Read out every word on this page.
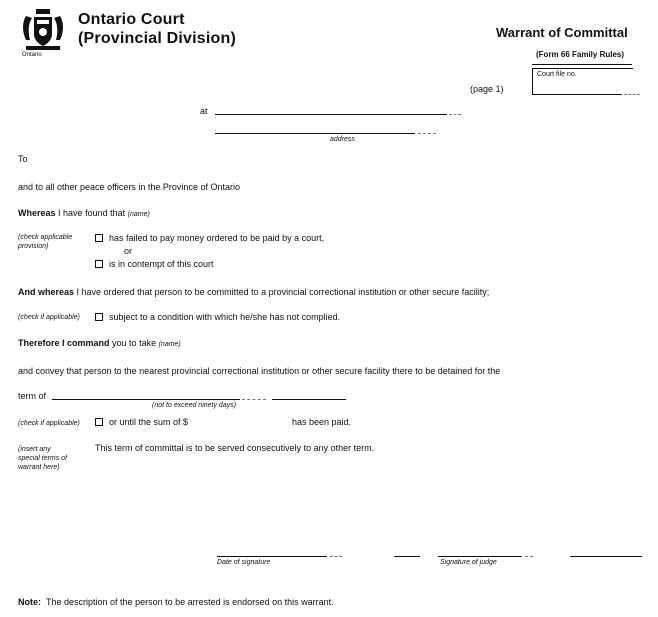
Ontario
Ontario Court
(Provincial Division)	Warrant of Committal
(Form 66 Family Rules)
Court file no.
(page 1)
at
address
To
and to all other peace officers in the Province of Ontario
Whereas I have found that (name)
(check applicable provision)
has failed to pay money ordered to be paid by a court,
or
is in contempt of this court
And whereas I have ordered that person to be committed to a provincial correctional institution or other secure facility;
(check if applicable)	subject to a condition with which he/she has not complied.
Therefore I command you to take (name)
and convey that person to the nearest provincial correctional institution or other secure facility there to be detained for the
term of
(not to exceed ninety days)
(check if applicable)	or until the sum of $	has been paid.
(insert any special terms of warrant here)
This term of committal is to be served consecutively to any other term.
Date of signature	Signature of judge
Note: The description of the person to be arrested is endorsed on this warrant.
